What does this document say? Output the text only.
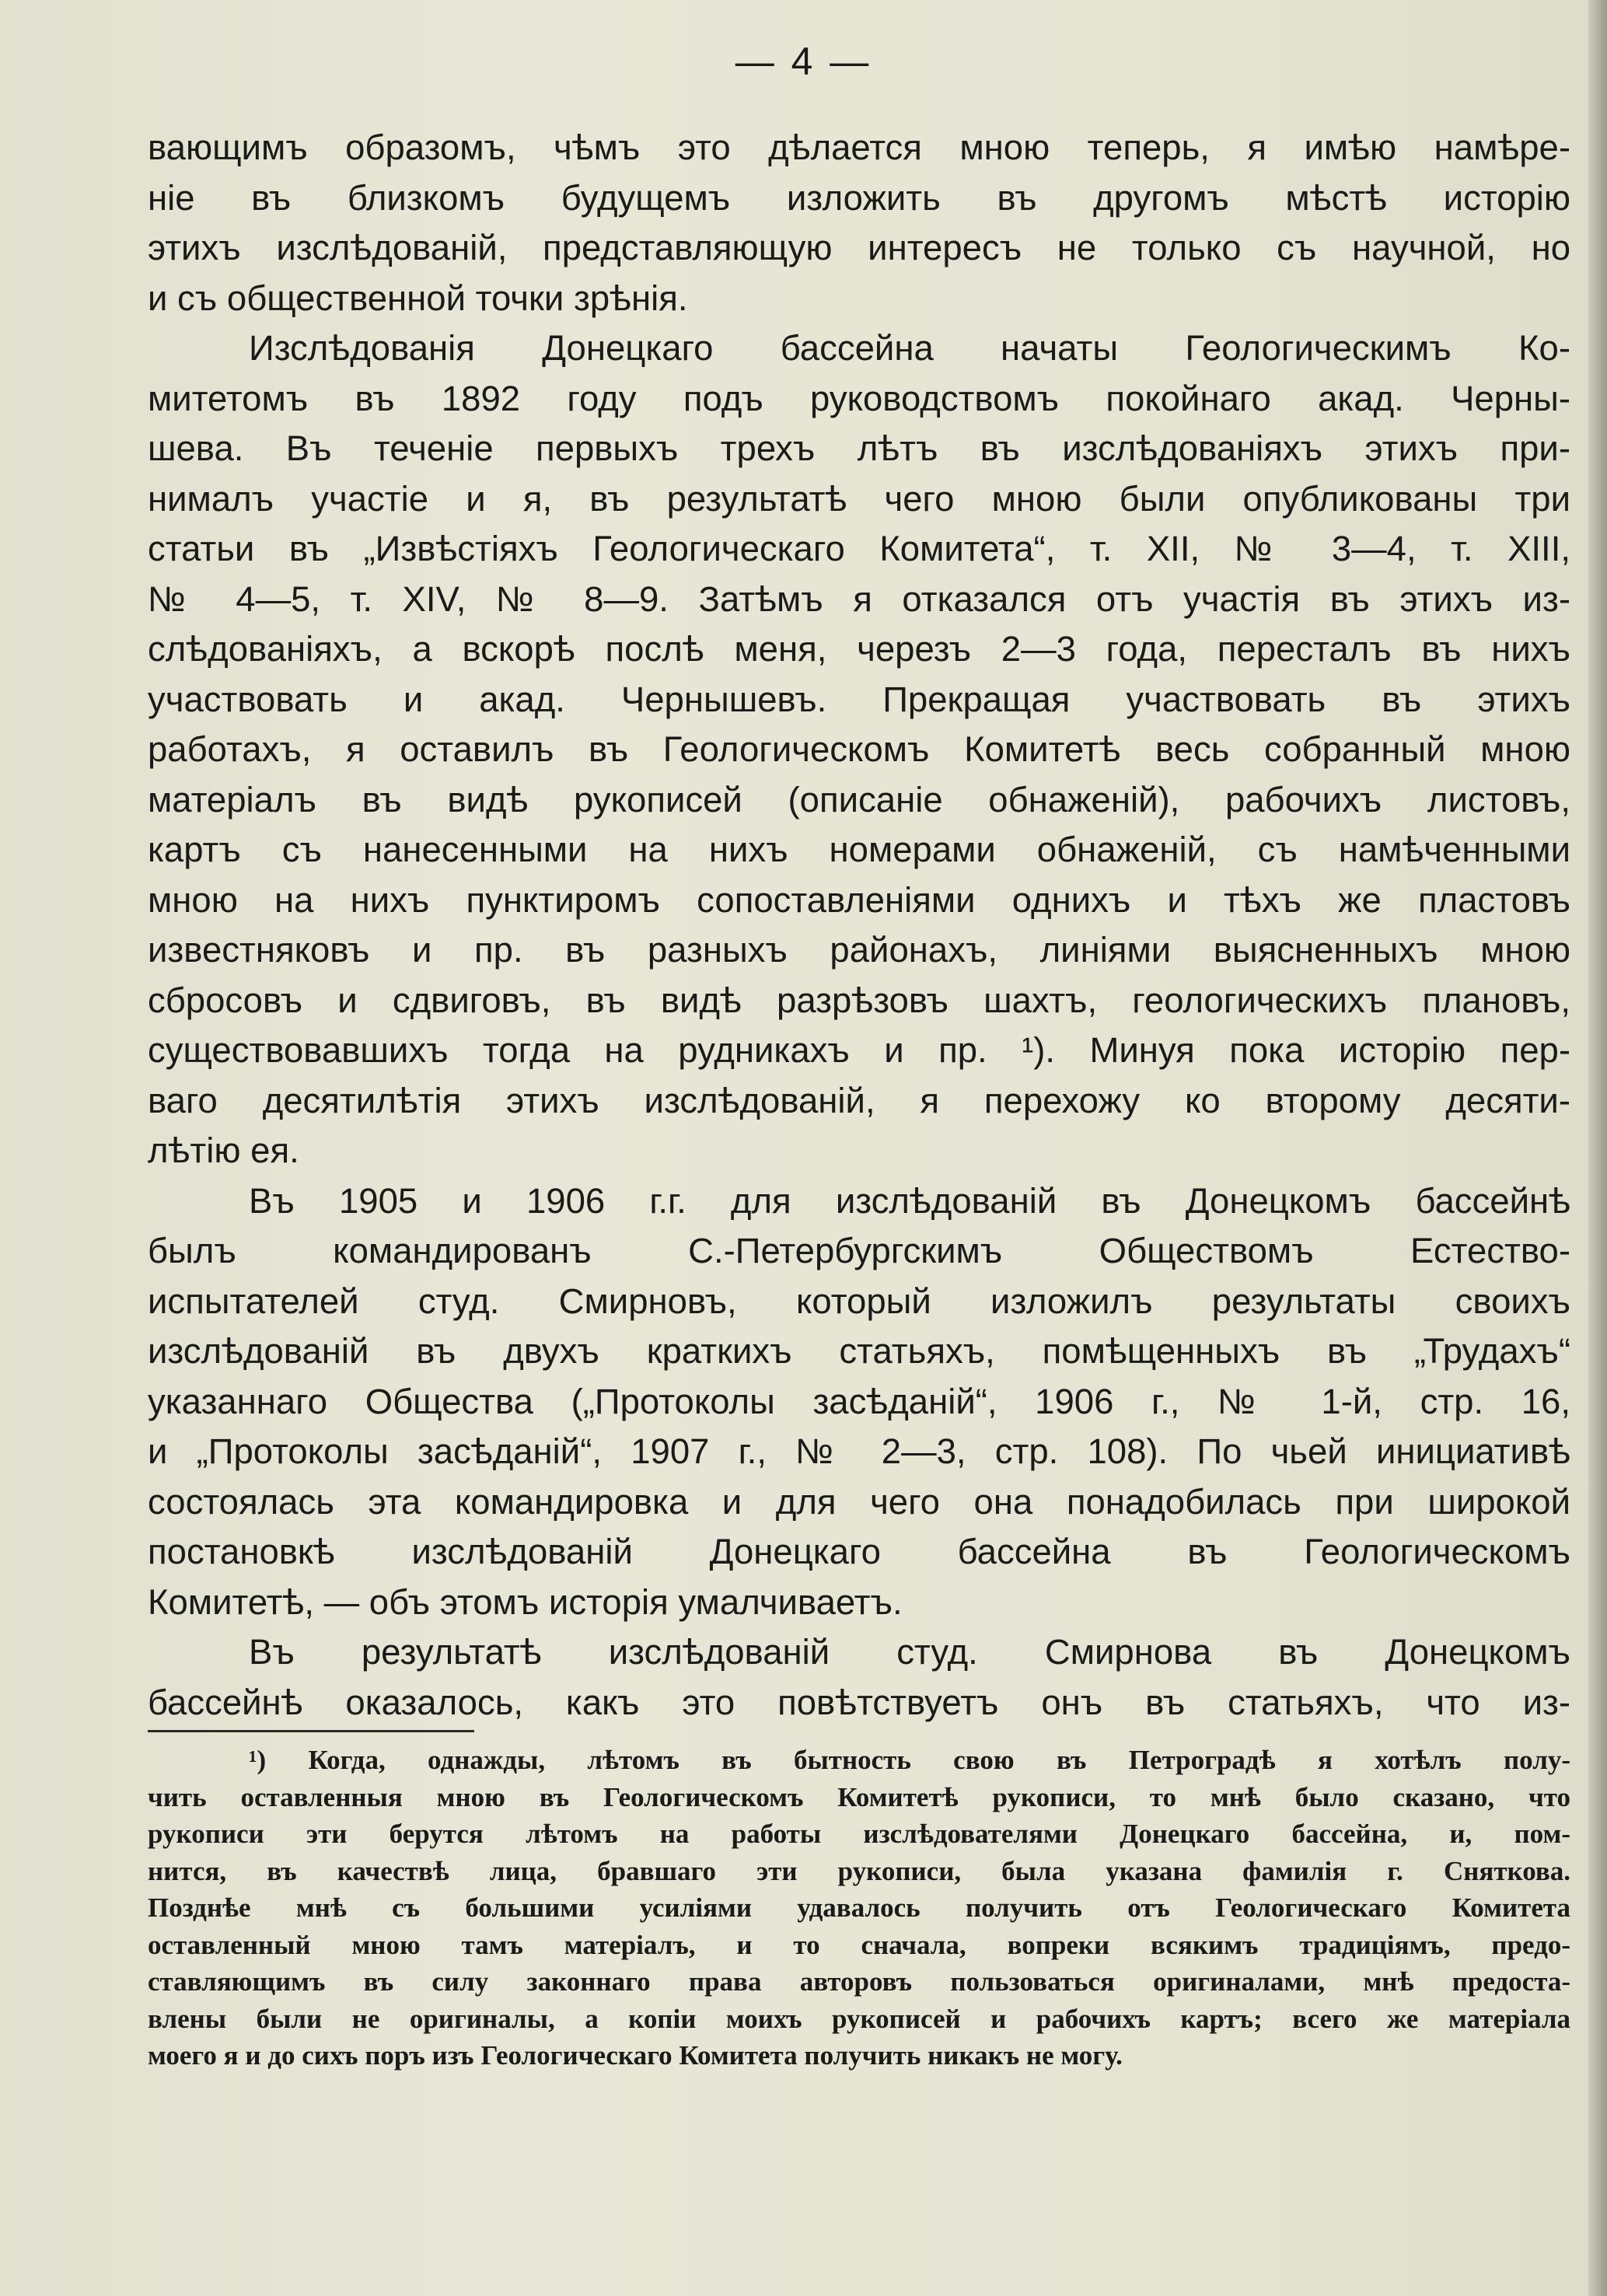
— 4 —
вающимъ образомъ, чѣмъ это дѣлается мною теперь, я имѣю намѣре-
ніе въ близкомъ будущемъ изложить въ другомъ мѣстѣ исторію
этихъ изслѣдованій, представляющую интересъ не только съ научной, но
и съ общественной точки зрѣнія.
Изслѣдованія Донецкаго бассейна начаты Геологическимъ Ко-
митетомъ въ 1892 году подъ руководствомъ покойнаго акад. Черны-
шева. Въ теченіе первыхъ трехъ лѣтъ въ изслѣдованіяхъ этихъ при-
нималъ участіе и я, въ результатѣ чего мною были опубликованы три
статьи въ „Извѣстіяхъ Геологическаго Комитета“, т. XII, № 3—4, т. XIII,
№ 4—5, т. XIV, № 8—9. Затѣмъ я отказался отъ участія въ этихъ из-
слѣдованіяхъ, а вскорѣ послѣ меня, черезъ 2—3 года, пересталъ въ нихъ
участвовать и акад. Чернышевъ. Прекращая участвовать въ этихъ
работахъ, я оставилъ въ Геологическомъ Комитетѣ весь собранный мною
матеріалъ въ видѣ рукописей (описаніе обнаженій), рабочихъ листовъ,
картъ съ нанесенными на нихъ номерами обнаженій, съ намѣченными
мною на нихъ пунктиромъ сопоставленіями однихъ и тѣхъ же пластовъ
известняковъ и пр. въ разныхъ районахъ, линіями выясненныхъ мною
сбросовъ и сдвиговъ, въ видѣ разрѣзовъ шахтъ, геологическихъ плановъ,
существовавшихъ тогда на рудникахъ и пр. ¹). Минуя пока исторію пер-
ваго десятилѣтія этихъ изслѣдованій, я перехожу ко второму десяти-
лѣтію ея.
Въ 1905 и 1906 г.г. для изслѣдованій въ Донецкомъ бассейнѣ
былъ командированъ С.-Петербургскимъ Обществомъ Естество-
испытателей студ. Смирновъ, который изложилъ результаты своихъ
изслѣдованій въ двухъ краткихъ статьяхъ, помѣщенныхъ въ „Трудахъ“
указаннаго Общества („Протоколы засѣданій“, 1906 г., № 1-й, стр. 16,
и „Протоколы засѣданій“, 1907 г., № 2—3, стр. 108). По чьей инициативѣ
состоялась эта командировка и для чего она понадобилась при широкой
постановкѣ изслѣдованій Донецкаго бассейна въ Геологическомъ
Комитетѣ, — объ этомъ исторія умалчиваетъ.
Въ результатѣ изслѣдованій студ. Смирнова въ Донецкомъ
бассейнѣ оказалось, какъ это повѣтствуетъ онъ въ статьяхъ, что из-
¹) Когда, однажды, лѣтомъ въ бытность свою въ Петроградѣ я хотѣлъ полу-
чить оставленныя мною въ Геологическомъ Комитетѣ рукописи, то мнѣ было сказано, что
рукописи эти берутся лѣтомъ на работы изслѣдователями Донецкаго бассейна, и, пом-
нится, въ качествѣ лица, бравшаго эти рукописи, была указана фамилія г. Сняткова.
Позднѣе мнѣ съ большими усиліями удавалось получить отъ Геологическаго Комитета
оставленный мною тамъ матеріалъ, и то сначала, вопреки всякимъ традиціямъ, предо-
ставляющимъ въ силу законнаго права авторовъ пользоваться оригиналами, мнѣ предоста-
влены были не оригиналы, а копіи моихъ рукописей и рабочихъ картъ; всего же матеріала
моего я и до сихъ поръ изъ Геологическаго Комитета получить никакъ не могу.
